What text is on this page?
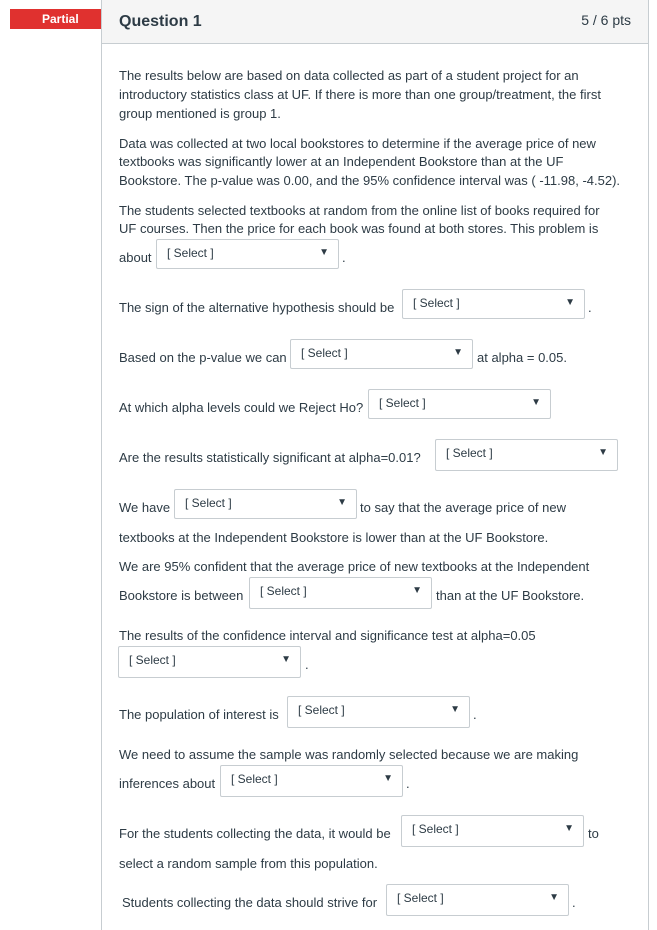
Partial	Question 1	5 / 6 pts
The results below are based on data collected as part of a student project for an
introductory statistics class at UF. If there is more than one group/treatment, the first
group mentioned is group 1.
Data was collected at two local bookstores to determine if the average price of new
textbooks was significantly lower at an Independent Bookstore than at the UF
Bookstore. The p-value was 0.00, and the 95% confidence interval was ( -11.98, -4.52).
The students selected textbooks at random from the online list of books required for
UF courses. Then the price for each book was found at both stores. This problem is
about [ Select ]	▼ .
The sign of the alternative hypothesis should be [ Select ]	▼ .
Based on the p-value we can [ Select ]	▼ at alpha = 0.05.
At which alpha levels could we Reject Ho? [ Select ]	▼
Are the results statistically significant at alpha=0.01? [ Select ]	▼
We have [ Select ]	▼ to say that the average price of new
textbooks at the Independent Bookstore is lower than at the UF Bookstore.
We are 95% confident that the average price of new textbooks at the Independent
Bookstore is between [ Select ]	▼ than at the UF Bookstore.
The results of the confidence interval and significance test at alpha=0.05
[ Select ]	▼ .
The population of interest is [ Select ]	▼ .
We need to assume the sample was randomly selected because we are making
inferences about [ Select ]	▼ .
For the students collecting the data, it would be [ Select ]	▼ to
select a random sample from this population.
Students collecting the data should strive for [ Select ]	▼ .
